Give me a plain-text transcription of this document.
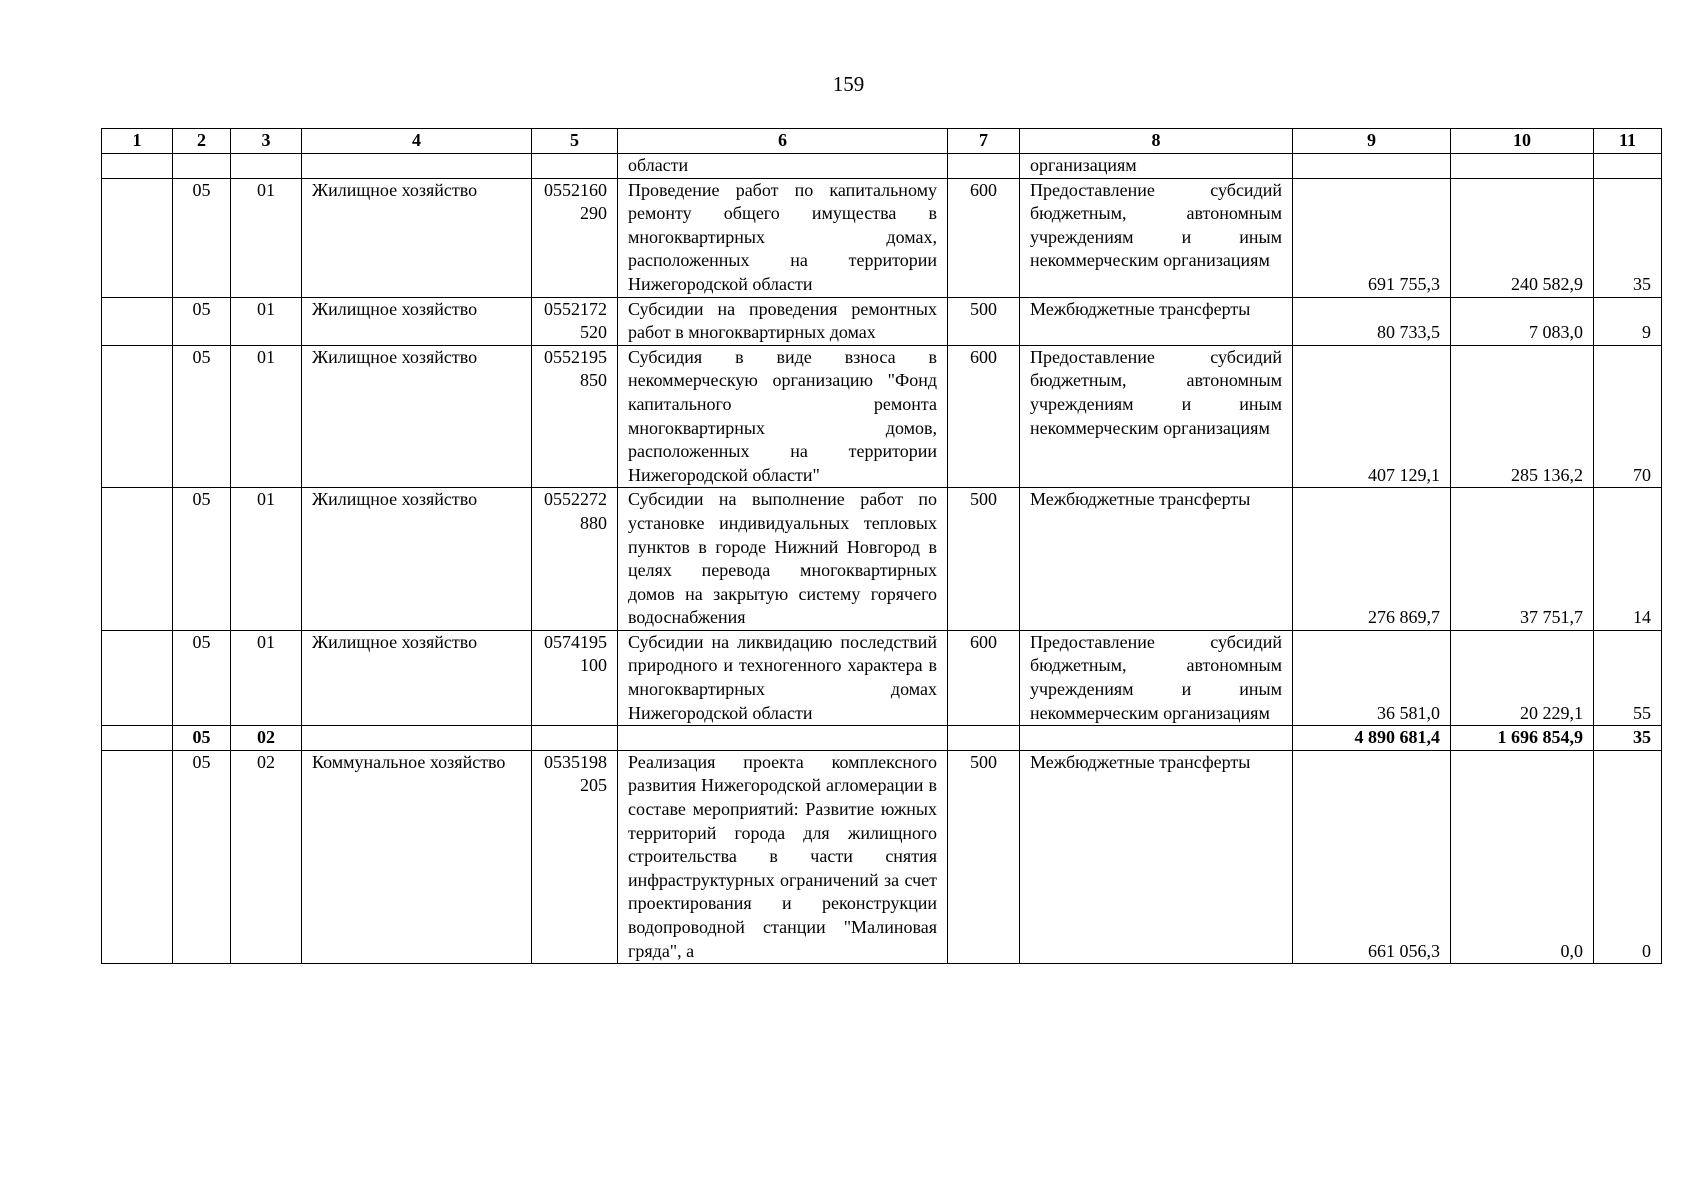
159
1	2	3	4	5	6	7	8	9	10	11
					области		организациям			
	05	01	Жилищное хозяйство	0552160290	Проведение работ по капитальному ремонту общего имущества в многоквартирных домах, расположенных на территории Нижегородской области	600	Предоставление субсидий бюджетным, автономным учреждениям и иным некоммерческим организациям	691 755,3	240 582,9	35
	05	01	Жилищное хозяйство	0552172520	Субсидии на проведения ремонтных работ в многоквартирных домах	500	Межбюджетные трансферты	80 733,5	7 083,0	9
	05	01	Жилищное хозяйство	0552195850	Субсидия в виде взноса в некоммерческую организацию "Фонд капитального ремонта многоквартирных домов, расположенных на территории Нижегородской области"	600	Предоставление субсидий бюджетным, автономным учреждениям и иным некоммерческим организациям	407 129,1	285 136,2	70
	05	01	Жилищное хозяйство	0552272880	Субсидии на выполнение работ по установке индивидуальных тепловых пунктов в городе Нижний Новгород в целях перевода многоквартирных домов на закрытую систему горячего водоснабжения	500	Межбюджетные трансферты	276 869,7	37 751,7	14
	05	01	Жилищное хозяйство	0574195100	Субсидии на ликвидацию последствий природного и техногенного характера в многоквартирных домах Нижегородской области	600	Предоставление субсидий бюджетным, автономным учреждениям и иным некоммерческим организациям	36 581,0	20 229,1	55
	05	02						4 890 681,4	1 696 854,9	35
	05	02	Коммунальное хозяйство	0535198205	Реализация проекта комплексного развития Нижегородской агломерации в составе мероприятий: Развитие южных территорий города для жилищного строительства в части снятия инфраструктурных ограничений за счет проектирования и реконструкции водопроводной станции "Малиновая гряда", а	500	Межбюджетные трансферты	661 056,3	0,0	0
